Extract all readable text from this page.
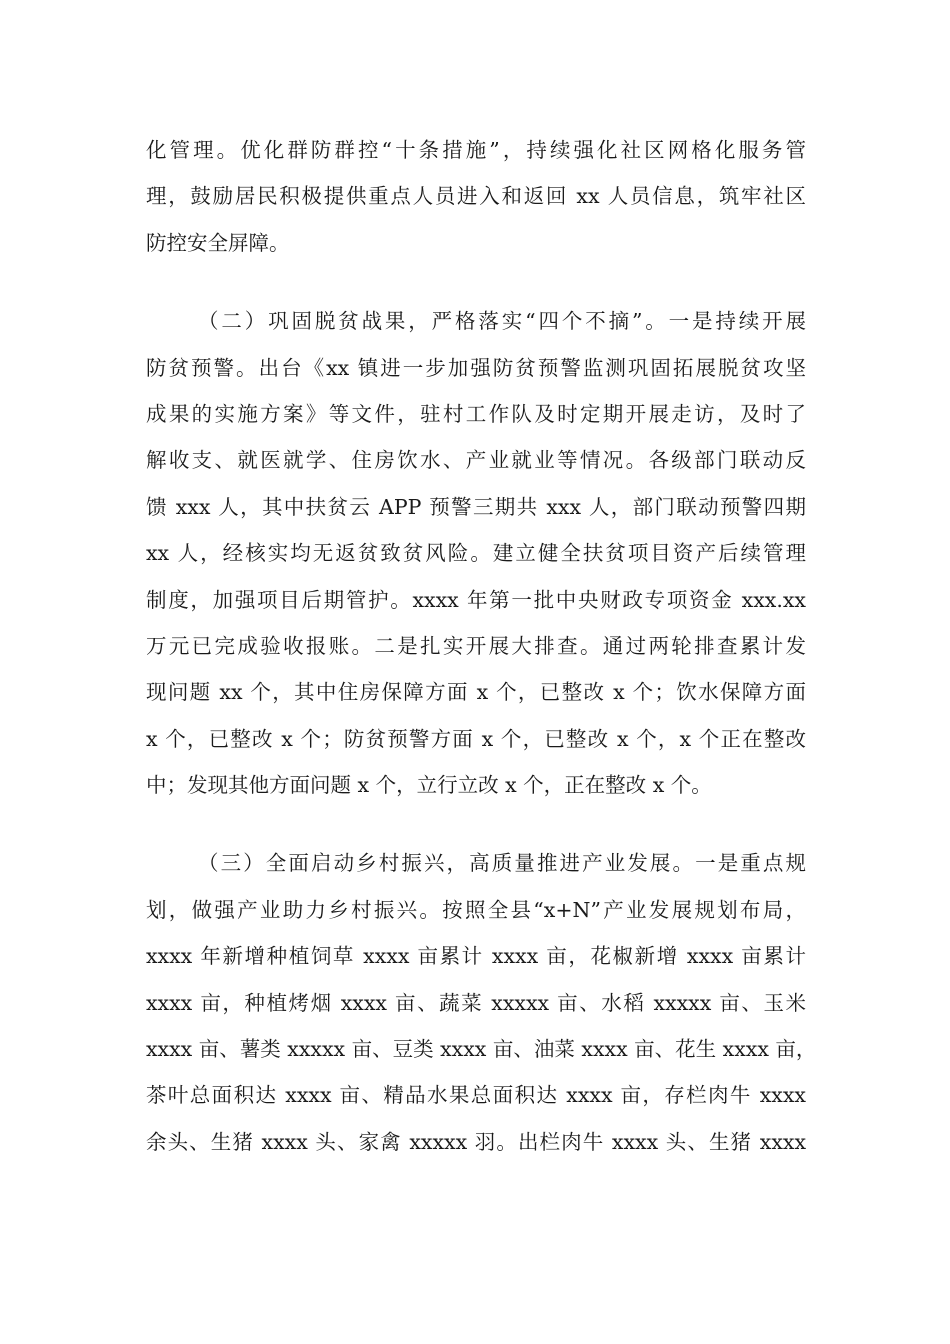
化管理。优化群防群控“十条措施”，持续强化社区网格化服务管
理，鼓励居民积极提供重点人员进入和返回 xx 人员信息，筑牢社区
防控安全屏障。
（二）巩固脱贫战果，严格落实“四个不摘”。一是持续开展
防贫预警。出台《xx 镇进一步加强防贫预警监测巩固拓展脱贫攻坚
成果的实施方案》等文件，驻村工作队及时定期开展走访，及时了
解收支、就医就学、住房饮水、产业就业等情况。各级部门联动反
馈 xxx 人，其中扶贫云 APP 预警三期共 xxx 人，部门联动预警四期
xx 人，经核实均无返贫致贫风险。建立健全扶贫项目资产后续管理
制度，加强项目后期管护。xxxx 年第一批中央财政专项资金 xxx.xx
万元已完成验收报账。二是扎实开展大排查。通过两轮排查累计发
现问题 xx 个，其中住房保障方面 x 个，已整改 x 个；饮水保障方面
x 个，已整改 x 个；防贫预警方面 x 个，已整改 x 个，x 个正在整改
中；发现其他方面问题 x 个，立行立改 x 个，正在整改 x 个。
（三）全面启动乡村振兴，高质量推进产业发展。一是重点规
划，做强产业助力乡村振兴。按照全县“x+N”产业发展规划布局，
xxxx 年新增种植饲草 xxxx 亩累计 xxxx 亩，花椒新增 xxxx 亩累计
xxxx 亩，种植烤烟 xxxx 亩、蔬菜 xxxxx 亩、水稻 xxxxx 亩、玉米
xxxx 亩、薯类 xxxxx 亩、豆类 xxxx 亩、油菜 xxxx 亩、花生 xxxx 亩，
茶叶总面积达 xxxx 亩、精品水果总面积达 xxxx 亩，存栏肉牛 xxxx
余头、生猪 xxxx 头、家禽 xxxxx 羽。出栏肉牛 xxxx 头、生猪 xxxx
